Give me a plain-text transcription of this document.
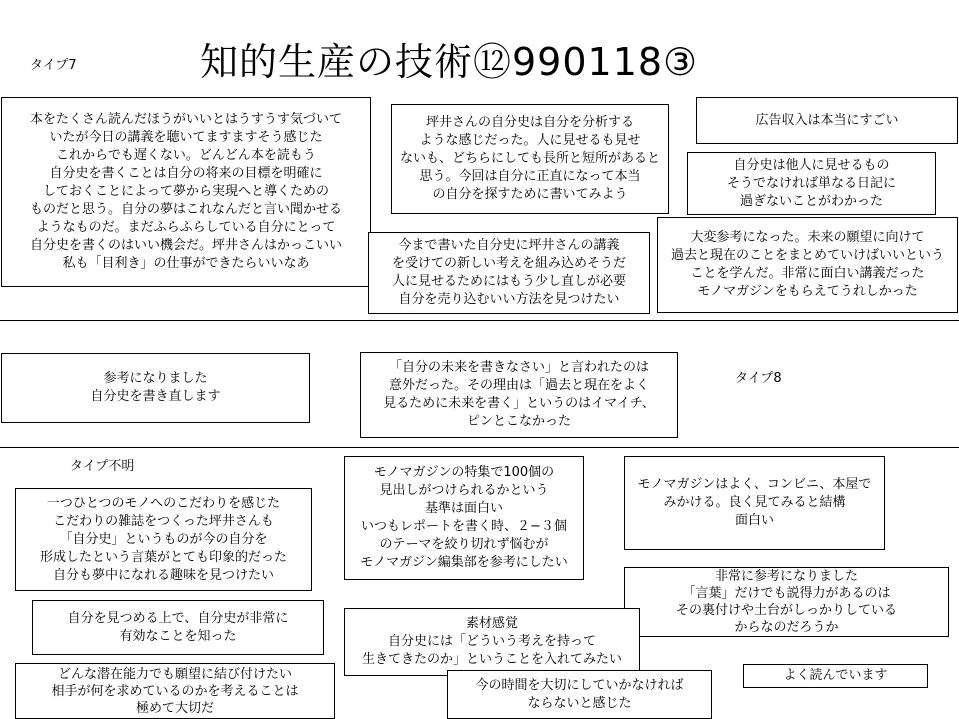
知的生産の技術⑫990118③
タイプ7
タイプ8
タイプ不明
本をたくさん読んだほうがいいとはうすうす気づいて
いたが今日の講義を聴いてますますそう感じた
これからでも遅くない。どんどん本を読もう
自分史を書くことは自分の将来の目標を明確に
しておくことによって夢から実現へと導くための
ものだと思う。自分の夢はこれなんだと言い聞かせる
ようなものだ。まだふらふらしている自分にとって
自分史を書くのはいい機会だ。坪井さんはかっこいい
私も「目利き」の仕事ができたらいいなあ
坪井さんの自分史は自分を分析する
ような感じだった。人に見せるも見せ
ないも、どちらにしても長所と短所があると
思う。今回は自分に正直になって本当
の自分を探すために書いてみよう
広告収入は本当にすごい
自分史は他人に見せるもの
そうでなければ単なる日記に
過ぎないことがわかった
今まで書いた自分史に坪井さんの講義
を受けての新しい考えを組み込めそうだ
人に見せるためにはもう少し直しが必要
自分を売り込むいい方法を見つけたい
大変参考になった。未来の願望に向けて
過去と現在のことをまとめていけばいいという
ことを学んだ。非常に面白い講義だった
モノマガジンをもらえてうれしかった
参考になりました
自分史を書き直します
「自分の未来を書きなさい」と言われたのは
意外だった。その理由は「過去と現在をよく
見るために未来を書く」というのはイマイチ、
ピンとこなかった
モノマガジンの特集で100個の
見出しがつけられるかという
基準は面白い
いつもレポートを書く時、２−３個
のテーマを絞り切れず悩むが
モノマガジン編集部を参考にしたい
モノマガジンはよく、コンビニ、本屋で
みかける。良く見てみると結構
面白い
一つひとつのモノへのこだわりを感じた
こだわりの雑誌をつくった坪井さんも
「自分史」というものが今の自分を
形成したという言葉がとても印象的だった
自分も夢中になれる趣味を見つけたい	非常に参考になりました
「言葉」だけでも説得力があるのは
その裏付けや土台がしっかりしている
からなのだろうか
自分を見つめる上で、自分史が非常に
有効なことを知った
素材感覚
自分史には「どういう考えを持って
生きてきたのか」ということを入れてみたい
よく読んでいます
どんな潜在能力でも願望に結び付けたい
相手が何を求めているのかを考えることは
極めて大切だ
今の時間を大切にしていかなければ
ならないと感じた
